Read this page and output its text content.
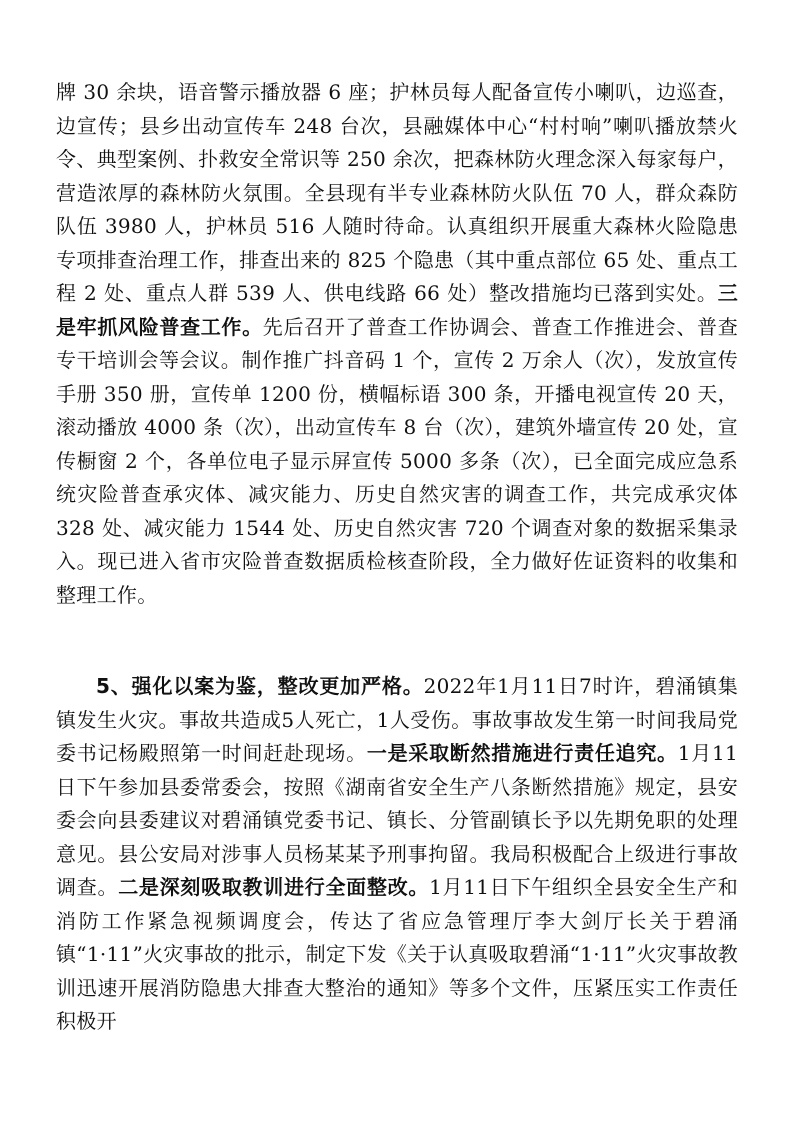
牌 30 余块，语音警示播放器 6 座；护林员每人配备宣传小喇叭，边巡查，边宣传；县乡出动宣传车 248 台次，县融媒体中心“村村响”喇叭播放禁火令、典型案例、扑救安全常识等 250 余次，把森林防火理念深入每家每户，营造浓厚的森林防火氛围。全县现有半专业森林防火队伍 70 人，群众森防队伍 3980 人，护林员 516 人随时待命。认真组织开展重大森林火险隐患专项排查治理工作，排查出来的 825 个隐患（其中重点部位 65 处、重点工程 2 处、重点人群 539 人、供电线路 66 处）整改措施均已落到实处。三是牢抓风险普查工作。先后召开了普查工作协调会、普查工作推进会、普查专干培训会等会议。制作推广抖音码 1 个，宣传 2 万余人（次），发放宣传手册 350 册，宣传单 1200 份，横幅标语 300 条，开播电视宣传 20 天，滚动播放 4000 条（次），出动宣传车 8 台（次），建筑外墙宣传 20 处，宣传橱窗 2 个，各单位电子显示屏宣传 5000 多条（次），已全面完成应急系统灾险普查承灾体、减灾能力、历史自然灾害的调查工作，共完成承灾体 328 处、减灾能力 1544 处、历史自然灾害 720 个调查对象的数据采集录入。现已进入省市灾险普查数据质检核查阶段，全力做好佐证资料的收集和整理工作。

5、强化以案为鉴，整改更加严格。2022年1月11日7时许，碧涌镇集镇发生火灾。事故共造成5人死亡，1人受伤。事故事故发生第一时间我局党委书记杨殿照第一时间赶赴现场。一是采取断然措施进行责任追究。1月11日下午参加县委常委会，按照《湖南省安全生产八条断然措施》规定，县安委会向县委建议对碧涌镇党委书记、镇长、分管副镇长予以先期免职的处理意见。县公安局对涉事人员杨某某予刑事拘留。我局积极配合上级进行事故调查。二是深刻吸取教训进行全面整改。1月11日下午组织全县安全生产和消防工作紧急视频调度会，传达了省应急管理厅李大剑厅长关于碧涌镇“1·11”火灾事故的批示，制定下发《关于认真吸取碧涌“1·11”火灾事故教训迅速开展消防隐患大排查大整治的通知》等多个文件，压紧压实工作责任积极开
